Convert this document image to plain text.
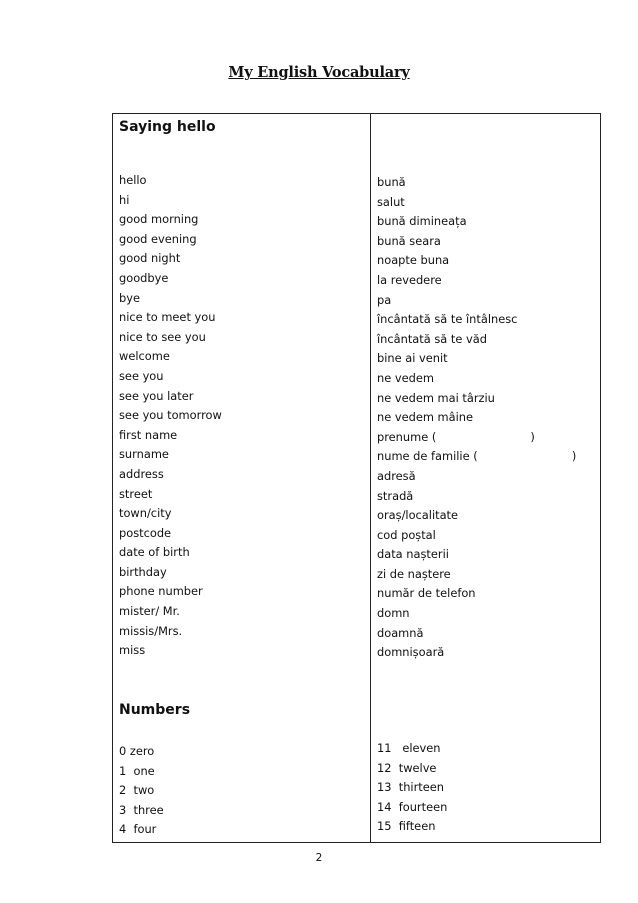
My English Vocabulary
Saying hello
hello
hi
good morning
good evening
good night
goodbye
bye
nice to meet you
nice to see you
welcome
see you
see you later
see you tomorrow
first name
surname
address
street
town/city
postcode
date of birth
birthday
phone number
mister/ Mr.
missis/Mrs.
miss
bună
salut
bună dimineața
bună seara
noapte buna
la revedere
pa
încântată să te întâlnesc
încântată să te văd
bine ai venit
ne vedem
ne vedem mai târziu
ne vedem mâine
prenume (                          )
nume de familie (                          )
adresă
stradă
oraș/localitate
cod poștal
data nașterii
zi de naștere
număr de telefon
domn
doamnă
domnișoară
Numbers
0 zero
1  one
2  two
3  three
4  four
11   eleven
12  twelve
13  thirteen
14  fourteen
15  fifteen
2
